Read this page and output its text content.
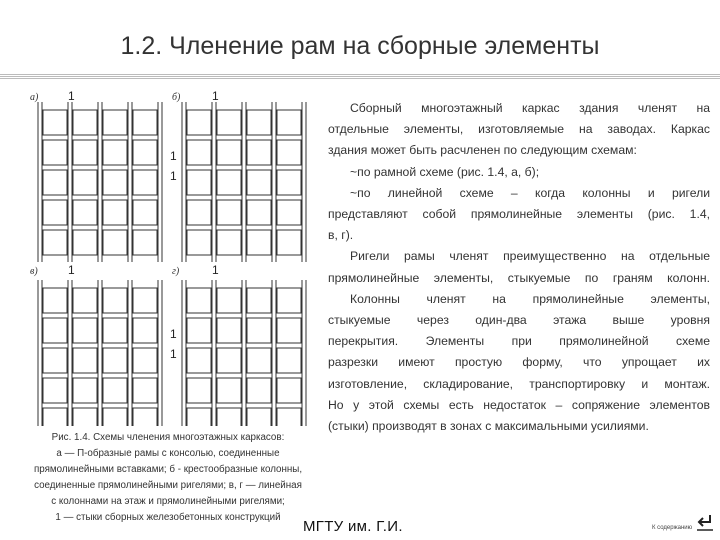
1.2. Членение рам на сборные элементы
а) 1	б)	1
1
1
в)	1	г)	1
1
1

Сборный многоэтажный каркас здания членят на

отдельные элементы, изготовляемые на заводах. Каркас

здания может быть расчленен по следующим схемам:

~по рамной схеме (рис. 1.4, а, б);

~по линейной схеме – когда колонны и ригели

представляют собой прямолинейные элементы (рис. 1.4,

в, г).

Ригели рамы членят преимущественно на отдельные

прямолинейные элементы, стыкуемые по граням колонн.

Колонны членят на прямолинейные элементы,

стыкуемые через один-два этажа выше уровня

перекрытия. Элементы при прямолинейной схеме

разрезки имеют простую форму, что упрощает их

изготовление, складирование, транспортировку и монтаж.

Но у этой схемы есть недостаток – сопряжение элементов

(стыки) производят в зонах с максимальными усилиями.

Рис. 1.4. Схемы членения многоэтажных каркасов:
а — П-образные рамы с консолью, соединенные
прямолинейными вставками; б - крестообразные колонны,
соединенные прямолинейными ригелями; в, г — линейная
с колоннами на этаж и прямолинейными ригелями;
1 — стыки сборных железобетонных конструкций
МГТУ им. Г.И.	К содержанию
